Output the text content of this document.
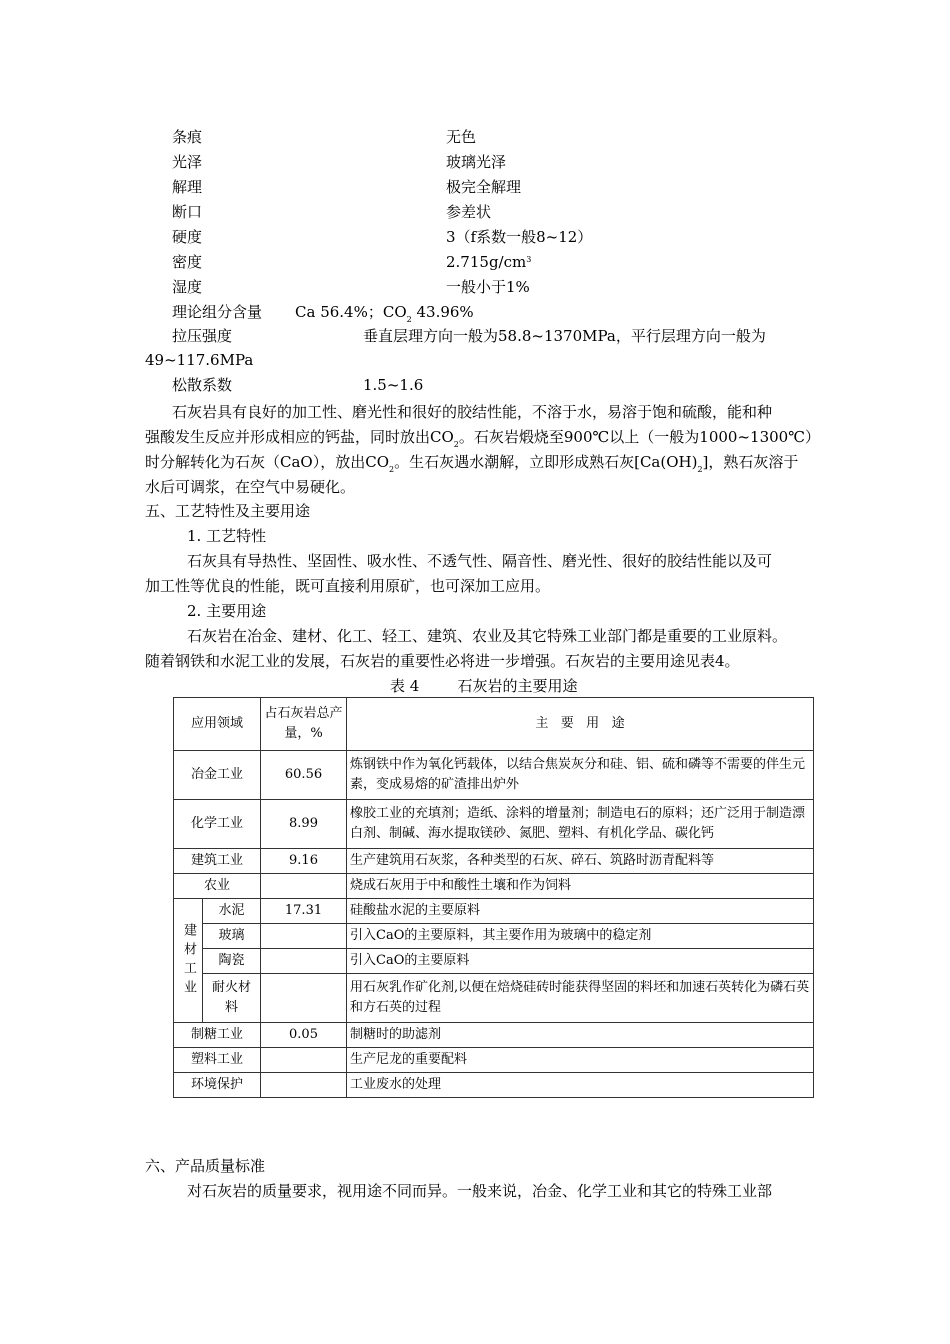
条痕	无色
光泽	玻璃光泽
解理	极完全解理
断口	参差状
硬度	3（f系数一般8~12）
密度	$2.715g/cm^3$
湿度	一般小于1%
理论组分含量 Ca 56.4%；$CO_2$ 43.96%
拉压强度	垂直层理方向一般为58.8~1370MPa，平行层理方向一般为
49~117.6MPa
松散系数	1.5~1.6
石灰岩具有良好的加工性、磨光性和很好的胶结性能，不溶于水，易溶于饱和硫酸，能和种
强酸发生反应并形成相应的钙盐，同时放出$CO_2$。石灰岩煅烧至900℃以上（一般为1000~1300℃）
时分解转化为石灰（CaO），放出$CO_2$。生石灰遇水潮解，立即形成熟石灰$[Ca(OH)_2]$，熟石灰溶于
水后可调浆，在空气中易硬化。
五、工艺特性及主要用途
1. 工艺特性
石灰具有导热性、坚固性、吸水性、不透气性、隔音性、磨光性、很好的胶结性能以及可
加工性等优良的性能，既可直接利用原矿，也可深加工应用。
2. 主要用途
石灰岩在冶金、建材、化工、轻工、建筑、农业及其它特殊工业部门都是重要的工业原料。
随着钢铁和水泥工业的发展，石灰岩的重要性必将进一步增强。石灰岩的主要用途见表4。
表 4        石灰岩的主要用途
应用领域		占石灰岩总产量，%	主   要   用   途
冶金工业		60.56	炼钢铁中作为氧化钙载体，以结合焦炭灰分和硅、铝、硫和磷等不需要的伴生元素，变成易熔的矿渣排出炉外
化学工业		8.99	橡胶工业的充填剂；造纸、涂料的增量剂；制造电石的原料；还广泛用于制造漂白剂、制碱、海水提取镁砂、氮肥、塑料、有机化学品、碳化钙
建筑工业		9.16	生产建筑用石灰浆，各种类型的石灰、碎石、筑路时沥青配料等
农业			烧成石灰用于中和酸性土壤和作为饲料
建材工业	水泥	17.31	硅酸盐水泥的主要原料
	玻璃		引入CaO的主要原料，其主要作用为玻璃中的稳定剂
	陶瓷		引入CaO的主要原料
	耐火材料		用石灰乳作矿化剂,以便在焙烧硅砖时能获得坚固的料坯和加速石英转化为磷石英和方石英的过程
制糖工业		0.05	制糖时的助滤剂
塑料工业			生产尼龙的重要配料
环境保护			工业废水的处理
六、产品质量标准
对石灰岩的质量要求，视用途不同而异。一般来说，冶金、化学工业和其它的特殊工业部
